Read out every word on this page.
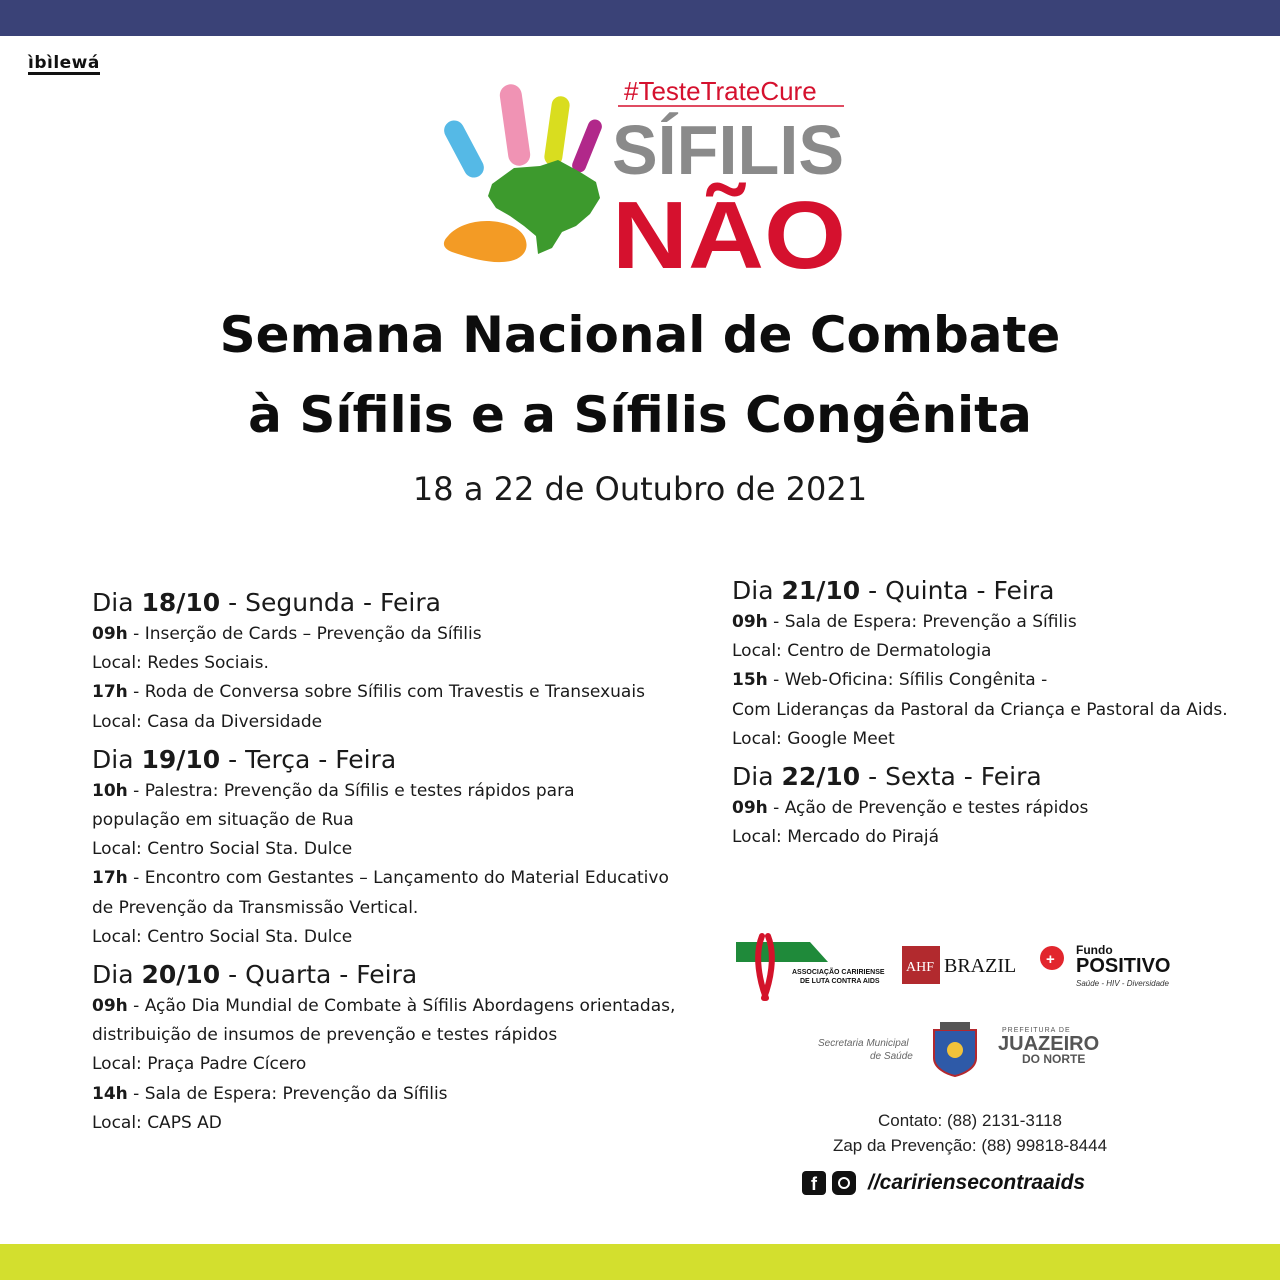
ìbìlewá
#TesteTrateCure
SÍFILIS
NÃO
Semana Nacional de Combate
à Sífilis e a Sífilis Congênita
18 a 22 de Outubro de 2021

Dia 18/10 - Segunda - Feira

09h - Inserção de Cards – Prevenção da Sífilis

Local: Redes Sociais.

17h - Roda de Conversa sobre Sífilis com Travestis e Transexuais

Local: Casa da Diversidade

Dia 19/10 - Terça - Feira

10h - Palestra: Prevenção da Sífilis e testes rápidos para

população em situação de Rua

Local: Centro Social Sta. Dulce

17h - Encontro com Gestantes – Lançamento do Material Educativo

de Prevenção da Transmissão Vertical.

Local: Centro Social Sta. Dulce

Dia 20/10 - Quarta - Feira

09h - Ação Dia Mundial de Combate à Sífilis Abordagens orientadas,

distribuição de insumos de prevenção e testes rápidos

Local: Praça Padre Cícero

14h - Sala de Espera: Prevenção da Sífilis

Local: CAPS AD

Dia 21/10 - Quinta - Feira

09h - Sala de Espera: Prevenção a Sífilis

Local: Centro de Dermatologia

15h - Web-Oficina: Sífilis Congênita -

Com Lideranças da Pastoral da Criança e Pastoral da Aids.

Local: Google Meet

Dia 22/10 - Sexta - Feira

09h - Ação de Prevenção e testes rápidos

Local: Mercado do Pirajá

ASSOCIAÇÃO CARIRIENSE
DE LUTA CONTRA AIDS
AHF BRAZIL +
Fundo
POSITIVO
Saúde - HIV - Diversidade
Secretaria Municipal
de Saúde
PREFEITURA DE
JUAZEIRO
DO NORTE
Contato: (88) 2131-3118
Zap da Prevenção: (88) 99818-8444
f	//caririensecontraaids
